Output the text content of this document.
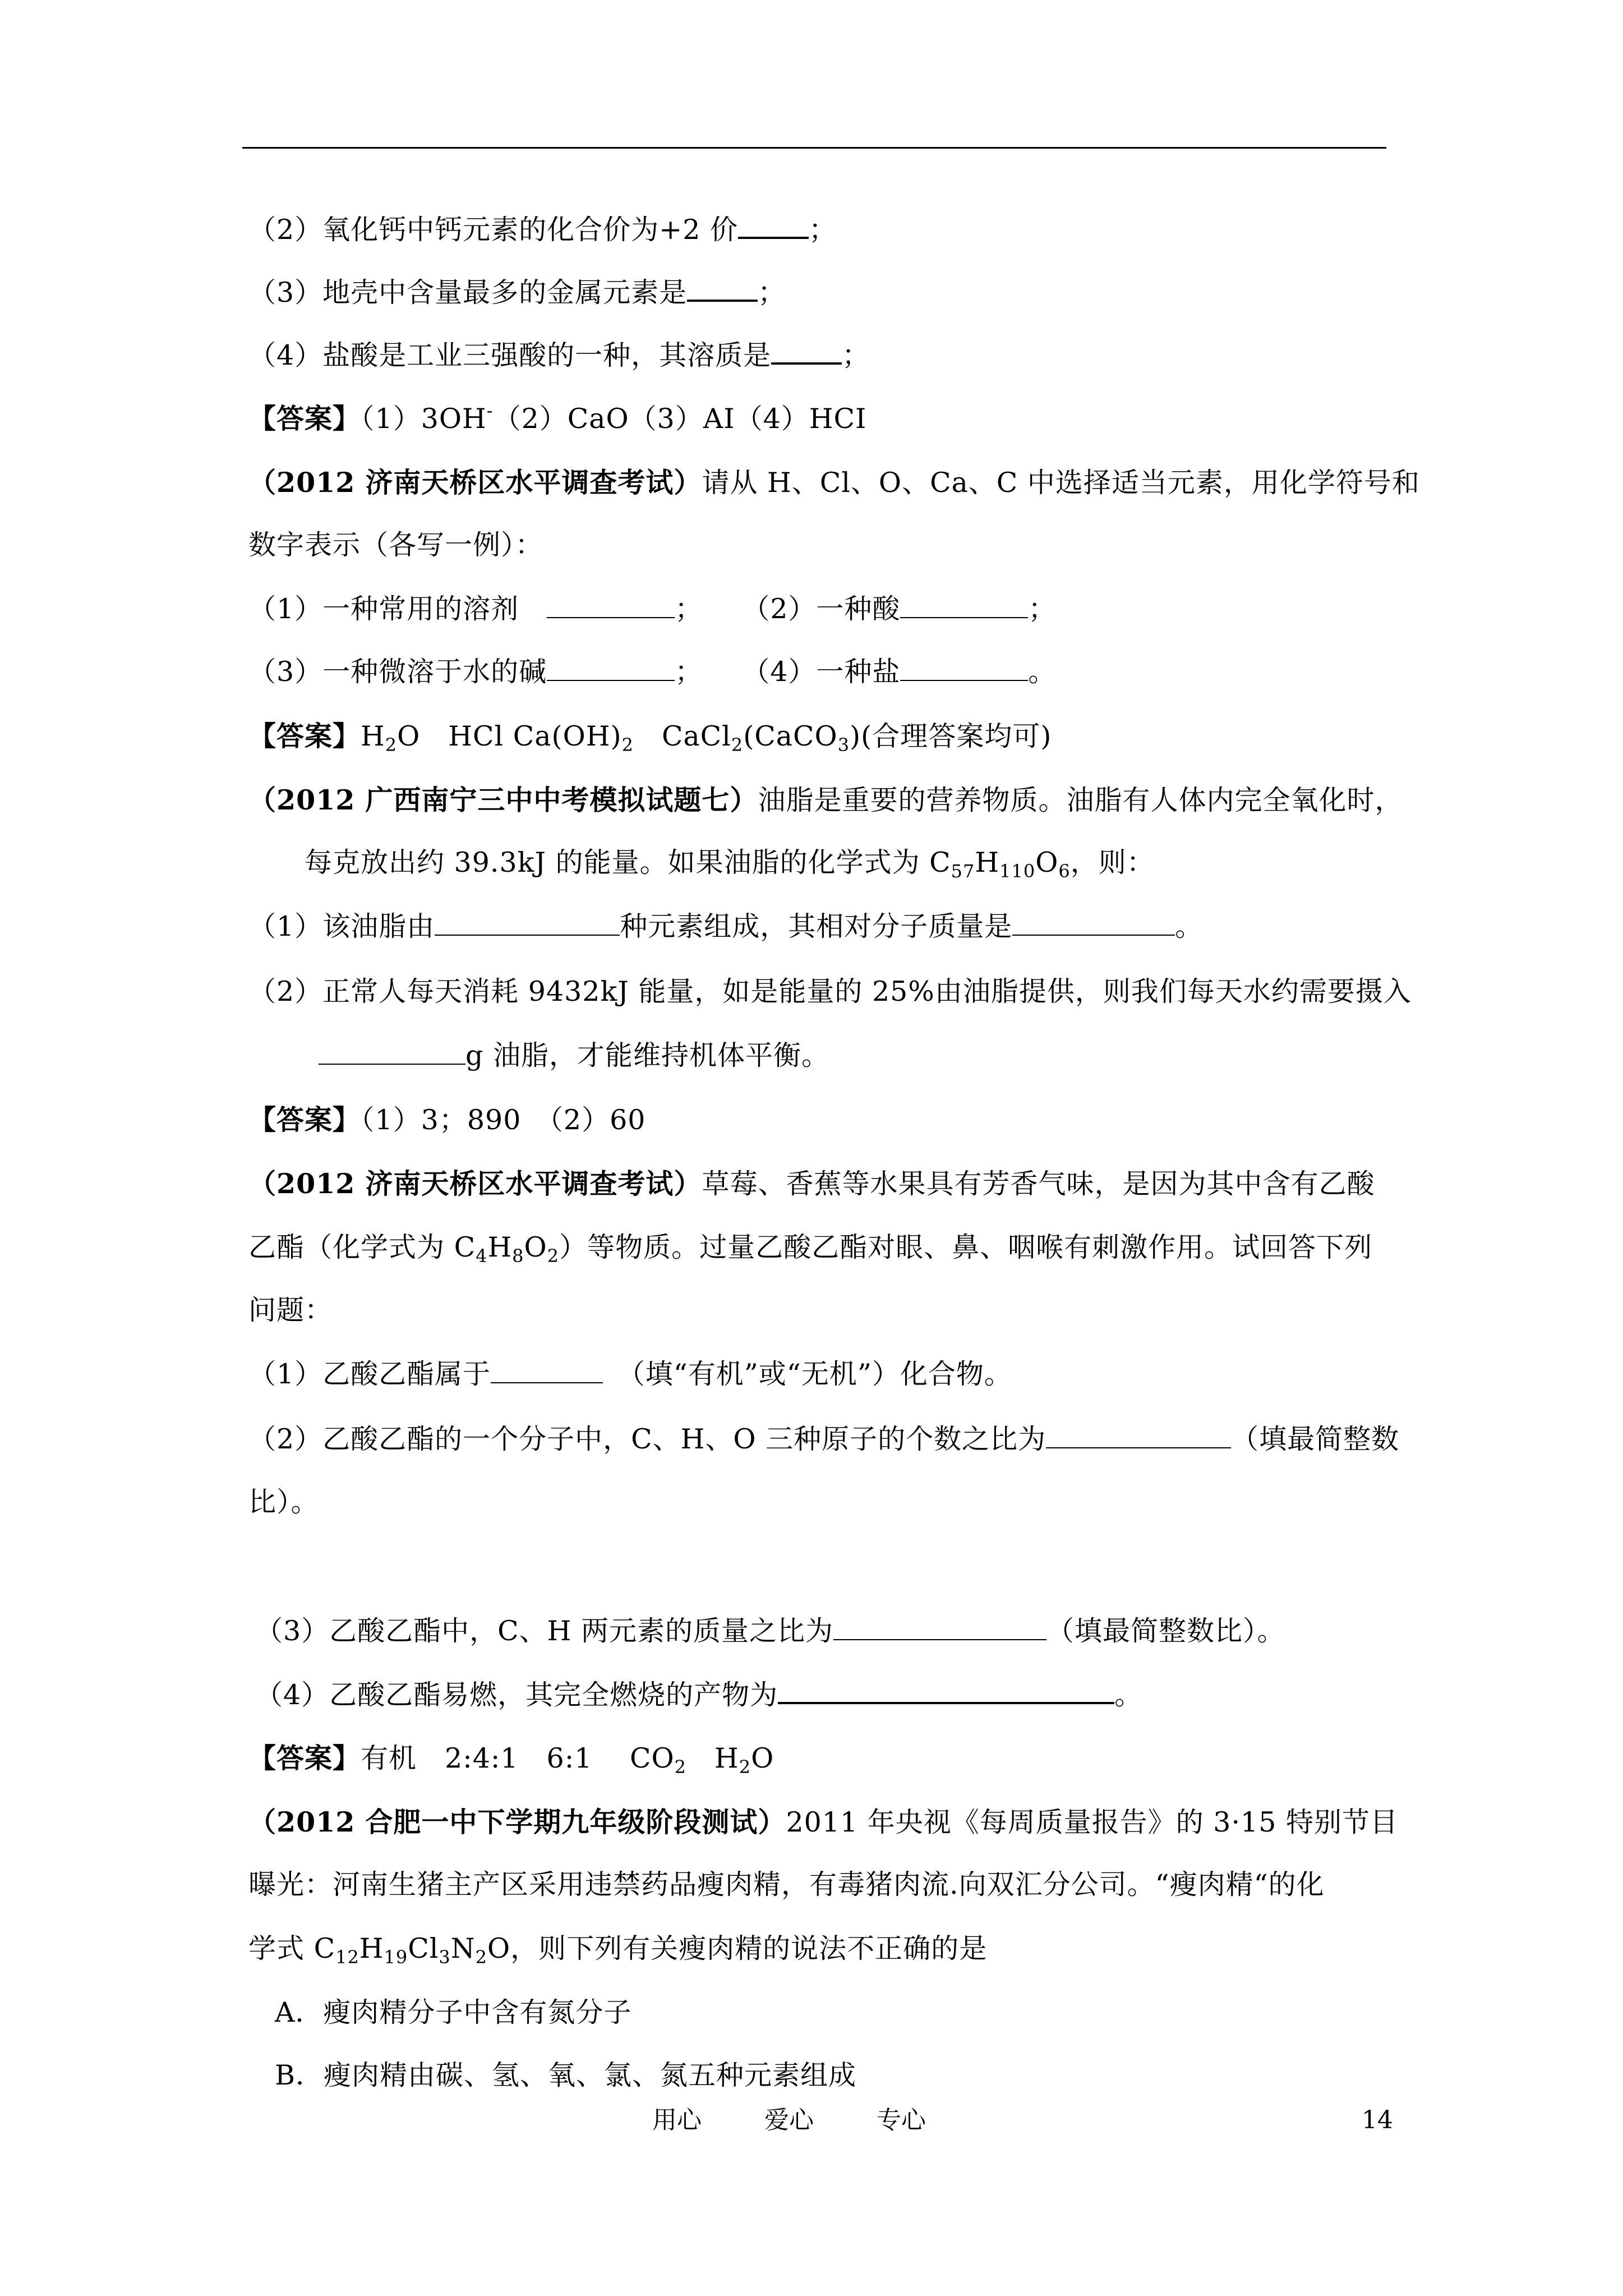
（2）氧化钙中钙元素的化合价为+2 价	；
（3）地壳中含量最多的金属元素是	；
（4）盐酸是工业三强酸的一种，其溶质是	；
【答案】（1）3OH-（2）CaO（3）AI（4）HCI
（2012 济南天桥区水平调查考试）请从 H、Cl、O、Ca、C 中选择适当元素，用化学符号和
数字表示（各写一例）：
（1）一种常用的溶剂　	； （2）一种酸	；
（3）一种微溶于水的碱	； （4）一种盐	。
【答案】$H_2O$　HCl $Ca(OH)_2$　CaCl$_2$(CaCO$_3$)(合理答案均可)
（2012 广西南宁三中中考模拟试题七）油脂是重要的营养物质。油脂有人体内完全氧化时，
每克放出约 39.3kJ 的能量。如果油脂的化学式为 $C_{57}H_{110}O_6$，则：
（1）该油脂由	种元素组成，其相对分子质量是	。
（2）正常人每天消耗 9432kJ 能量，如是能量的 25%由油脂提供，则我们每天水约需要摄入
g 油脂，才能维持机体平衡。
【答案】（1）3；890　（2）60
（2012 济南天桥区水平调查考试）草莓、香蕉等水果具有芳香气味，是因为其中含有乙酸
乙酯（化学式为 $C_4H_8O_2$）等物质。过量乙酸乙酯对眼、鼻、咽喉有刺激作用。试回答下列
问题：
（1）乙酸乙酯属于	　（填“有机”或“无机”）化合物。
（2）乙酸乙酯的一个分子中，C、H、O 三种原子的个数之比为	（填最简整数
比）。
（3）乙酸乙酯中，C、H 两元素的质量之比为	（填最简整数比）。
（4）乙酸乙酯易燃，其完全燃烧的产物为	。
【答案】有机　2:4:1　6:1　 $CO_2$　$H_2O$
（2012 合肥一中下学期九年级阶段测试）2011 年央视《每周质量报告》的 3·15 特别节目
曝光：河南生猪主产区采用违禁药品瘦肉精，有毒猪肉流.向双汇分公司。“瘦肉精“的化
学式 $C_{12}H_{19}Cl_3N_2O$，则下列有关瘦肉精的说法不正确的是
A．瘦肉精分子中含有氮分子
B．瘦肉精由碳、氢、氧、氯、氮五种元素组成
用心	爱心	专心	14
